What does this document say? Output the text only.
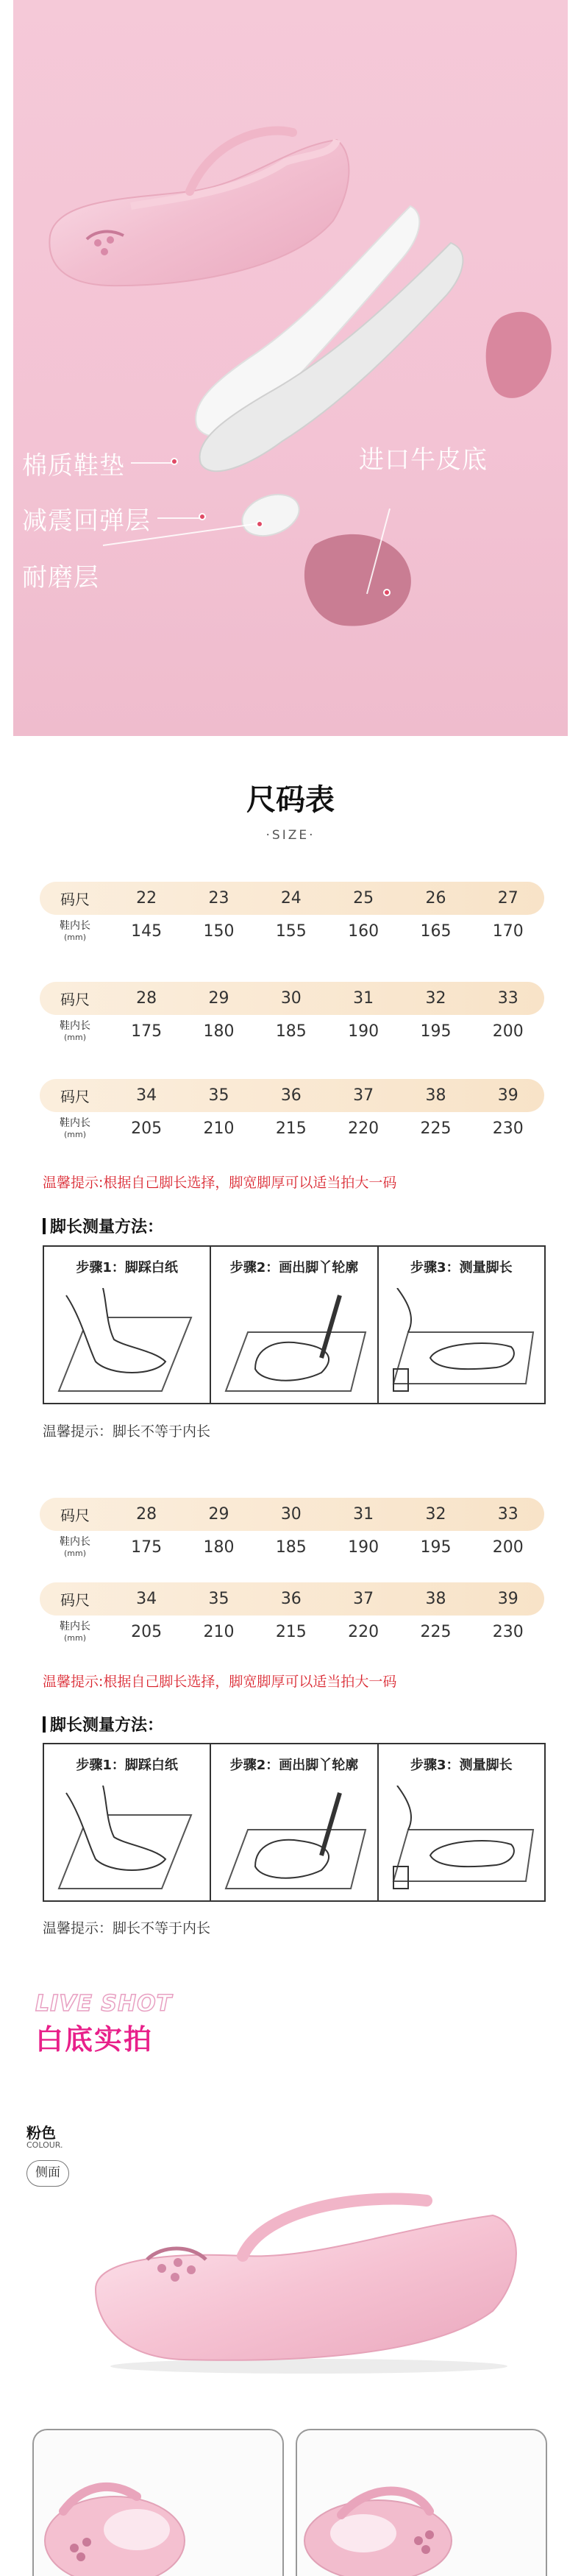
棉质鞋垫
减震回弹层
耐磨层
进口牛皮底
尺码表
·SIZE·
码尺	22	23	24	25	26	27
鞋内长
(mm)	145	150	155	160	165	170
码尺	28	29	30	31	32	33
鞋内长
(mm)	175	180	185	190	195	200
码尺	34	35	36	37	38	39
鞋内长
(mm)	205	210	215	220	225	230
温馨提示:根据自己脚长选择，脚宽脚厚可以适当拍大一码
脚长测量方法：
步骤1：脚踩白纸	步骤2：画出脚丫轮廓	步骤3：测量脚长
温馨提示：脚长不等于内长
码尺	28	29	30	31	32	33
鞋内长
(mm)	175	180	185	190	195	200
码尺	34	35	36	37	38	39
鞋内长
(mm)	205	210	215	220	225	230
温馨提示:根据自己脚长选择，脚宽脚厚可以适当拍大一码
脚长测量方法：
步骤1：脚踩白纸	步骤2：画出脚丫轮廓	步骤3：测量脚长
温馨提示：脚长不等于内长
LIVE SHOT
白底实拍
粉色
COLOUR.
侧面
